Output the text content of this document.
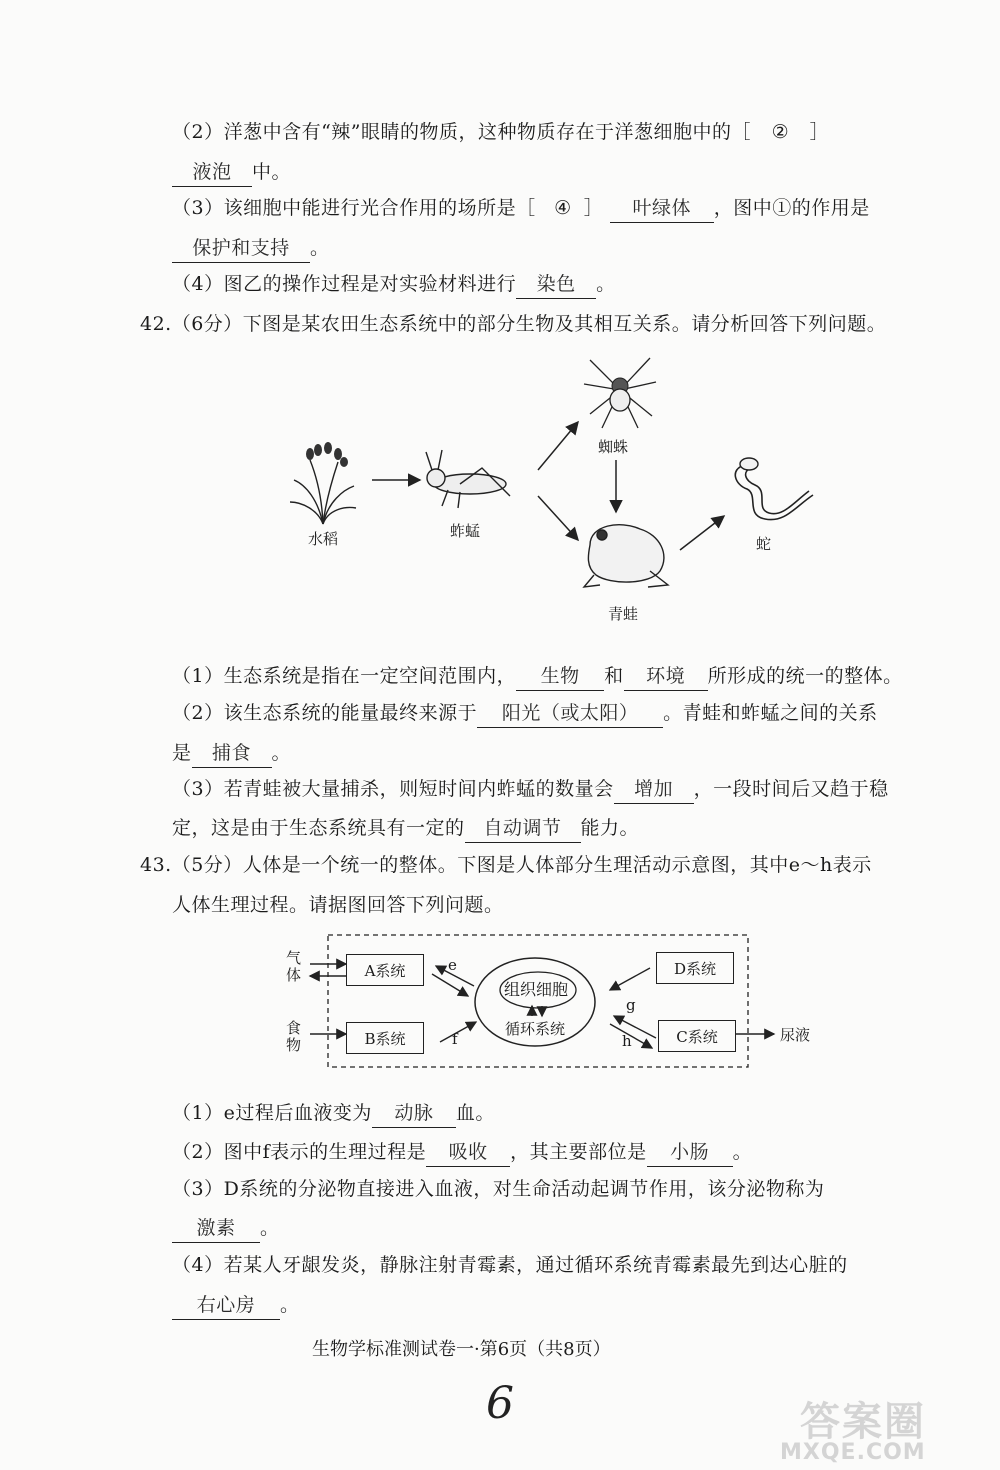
（2）洋葱中含有“辣”眼睛的物质，这种物质存在于洋葱细胞中的［ ② ］
液泡 中。
（3）该细胞中能进行光合作用的场所是［ ④ ］ 叶绿体 ，图中①的作用是
保护和支持 。
（4）图乙的操作过程是对实验材料进行 染色 。
42.（6分）下图是某农田生态系统中的部分生物及其相互关系。请分析回答下列问题。
水稻	蚱蜢
蜘蛛
青蛙
蛇
（1）生态系统是指在一定空间范围内， 生物 和 环境 所形成的统一的整体。
（2）该生态系统的能量最终来源于 阳光（或太阳） 。青蛙和蚱蜢之间的关系
是 捕食 。
（3）若青蛙被大量捕杀，则短时间内蚱蜢的数量会 增加 ，一段时间后又趋于稳
定，这是由于生态系统具有一定的 自动调节 能力。
43.（5分）人体是一个统一的整体。下图是人体部分生理活动示意图，其中e～h表示
人体生理过程。请据图回答下列问题。
气体
食物
A系统
B系统
D系统
C系统
组织细胞
循环系统
e
f
g
h	尿液
（1）e过程后血液变为 动脉 血。
（2）图中f表示的生理过程是 吸收 ，其主要部位是 小肠 。
（3）D系统的分泌物直接进入血液，对生命活动起调节作用，该分泌物称为
激素 。
（4）若某人牙龈发炎，静脉注射青霉素，通过循环系统青霉素最先到达心脏的
右心房 。
生物学标准测试卷一·第6页（共8页）
6	答案圈
MXQE.COM
